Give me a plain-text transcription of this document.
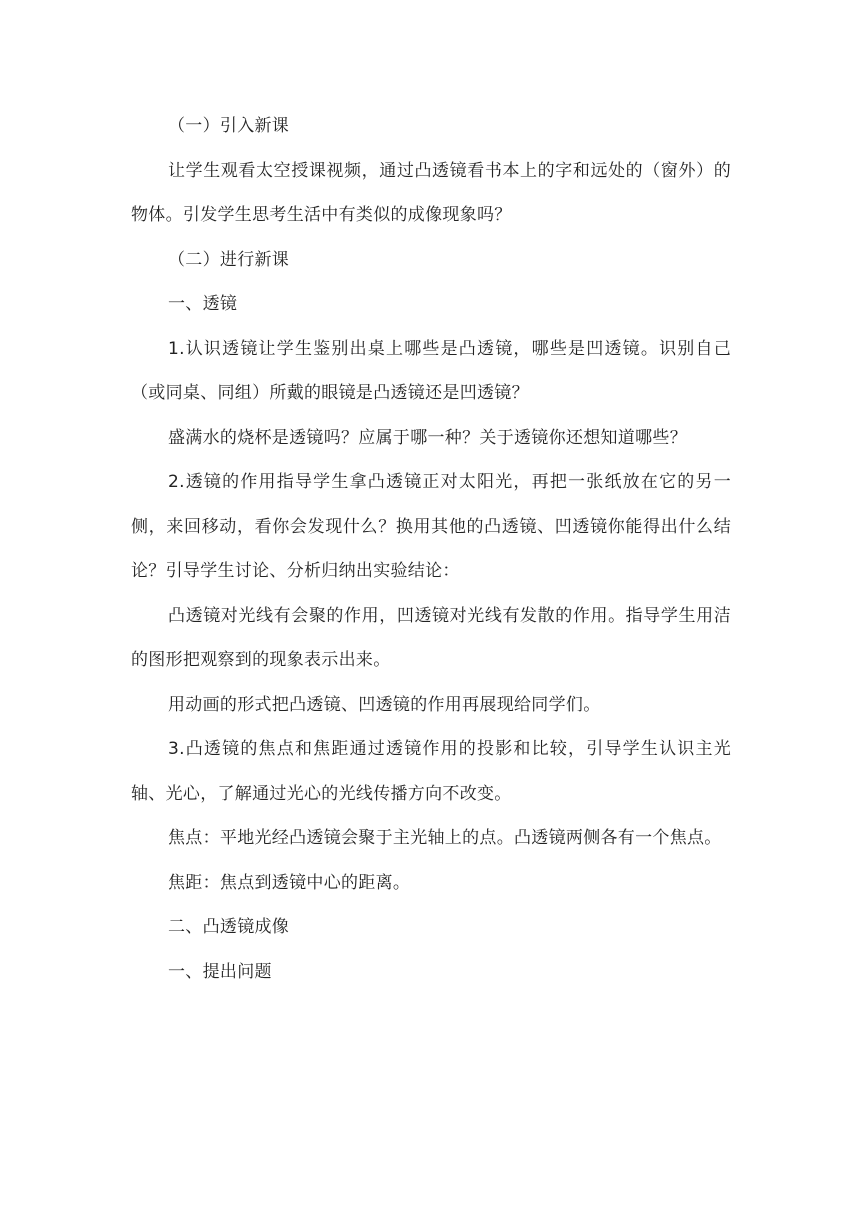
（一）引入新课

让学生观看太空授课视频，通过凸透镜看书本上的字和远处的（窗外）的物体。引发学生思考生活中有类似的成像现象吗？

（二）进行新课

一、透镜

1.认识透镜让学生鉴别出桌上哪些是凸透镜，哪些是凹透镜。识别自己（或同桌、同组）所戴的眼镜是凸透镜还是凹透镜？

盛满水的烧杯是透镜吗？应属于哪一种？关于透镜你还想知道哪些？

2.透镜的作用指导学生拿凸透镜正对太阳光，再把一张纸放在它的另一侧，来回移动，看你会发现什么？换用其他的凸透镜、凹透镜你能得出什么结论？引导学生讨论、分析归纳出实验结论：

凸透镜对光线有会聚的作用，凹透镜对光线有发散的作用。指导学生用洁的图形把观察到的现象表示出来。

用动画的形式把凸透镜、凹透镜的作用再展现给同学们。

3.凸透镜的焦点和焦距通过透镜作用的投影和比较，引导学生认识主光轴、光心，了解通过光心的光线传播方向不改变。

焦点：平地光经凸透镜会聚于主光轴上的点。凸透镜两侧各有一个焦点。

焦距：焦点到透镜中心的距离。

二、凸透镜成像

一、提出问题
